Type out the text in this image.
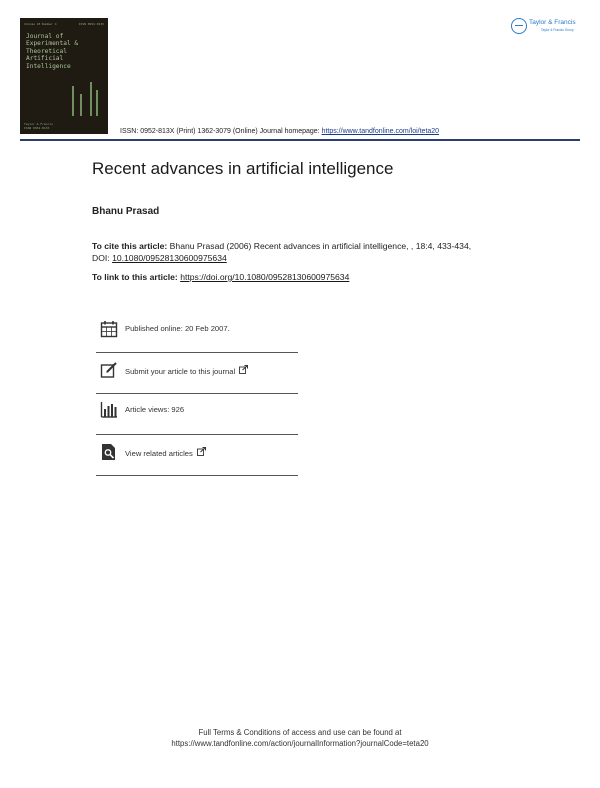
Volume 18 Number 4	ISSN 0952-813X
Journal of Experimental & Theoretical Artificial Intelligence
Taylor & Francis
ISSN 0952-813X
Taylor & Francis
Taylor & Francis Group
ISSN: 0952-813X (Print) 1362-3079 (Online) Journal homepage: https://www.tandfonline.com/loi/teta20
Recent advances in artificial intelligence
Bhanu Prasad
To cite this article: Bhanu Prasad (2006) Recent advances in artificial intelligence, , 18:4, 433-434,
DOI: 10.1080/09528130600975634
To link to this article: https://doi.org/10.1080/09528130600975634
Published online: 20 Feb 2007.
Submit your article to this journal
Article views: 926
View related articles
Full Terms & Conditions of access and use can be found at
https://www.tandfonline.com/action/journalInformation?journalCode=teta20
